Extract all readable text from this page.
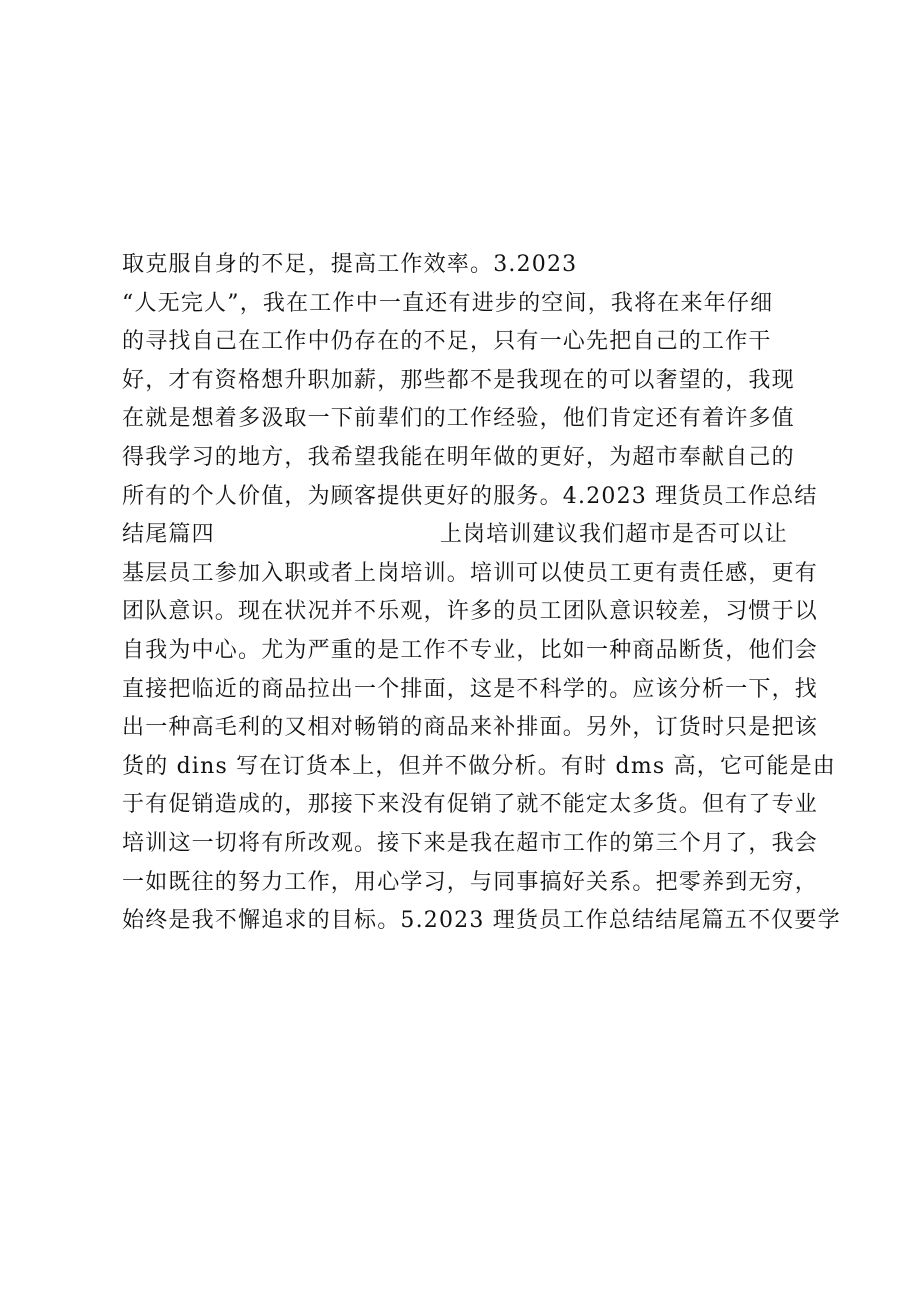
取克服自身的不足，提高工作效率。3.2023
“人无完人”，我在工作中一直还有进步的空间，我将在来年仔细
的寻找自己在工作中仍存在的不足，只有一心先把自己的工作干
好，才有资格想升职加薪，那些都不是我现在的可以奢望的，我现
在就是想着多汲取一下前辈们的工作经验，他们肯定还有着许多值
得我学习的地方，我希望我能在明年做的更好，为超市奉献自己的
所有的个人价值，为顾客提供更好的服务。4.2023 理货员工作总结
结尾篇四	上岗培训建议我们超市是否可以让
基层员工参加入职或者上岗培训。培训可以使员工更有责任感，更有
团队意识。现在状况并不乐观，许多的员工团队意识较差，习惯于以
自我为中心。尤为严重的是工作不专业，比如一种商品断货，他们会
直接把临近的商品拉出一个排面，这是不科学的。应该分析一下，找
出一种高毛利的又相对畅销的商品来补排面。另外，订货时只是把该
货的 dins 写在订货本上，但并不做分析。有时 dms 高，它可能是由
于有促销造成的，那接下来没有促销了就不能定太多货。但有了专业
培训这一切将有所改观。接下来是我在超市工作的第三个月了，我会
一如既往的努力工作，用心学习，与同事搞好关系。把零养到无穷，
始终是我不懈追求的目标。5.2023 理货员工作总结结尾篇五不仅要学
